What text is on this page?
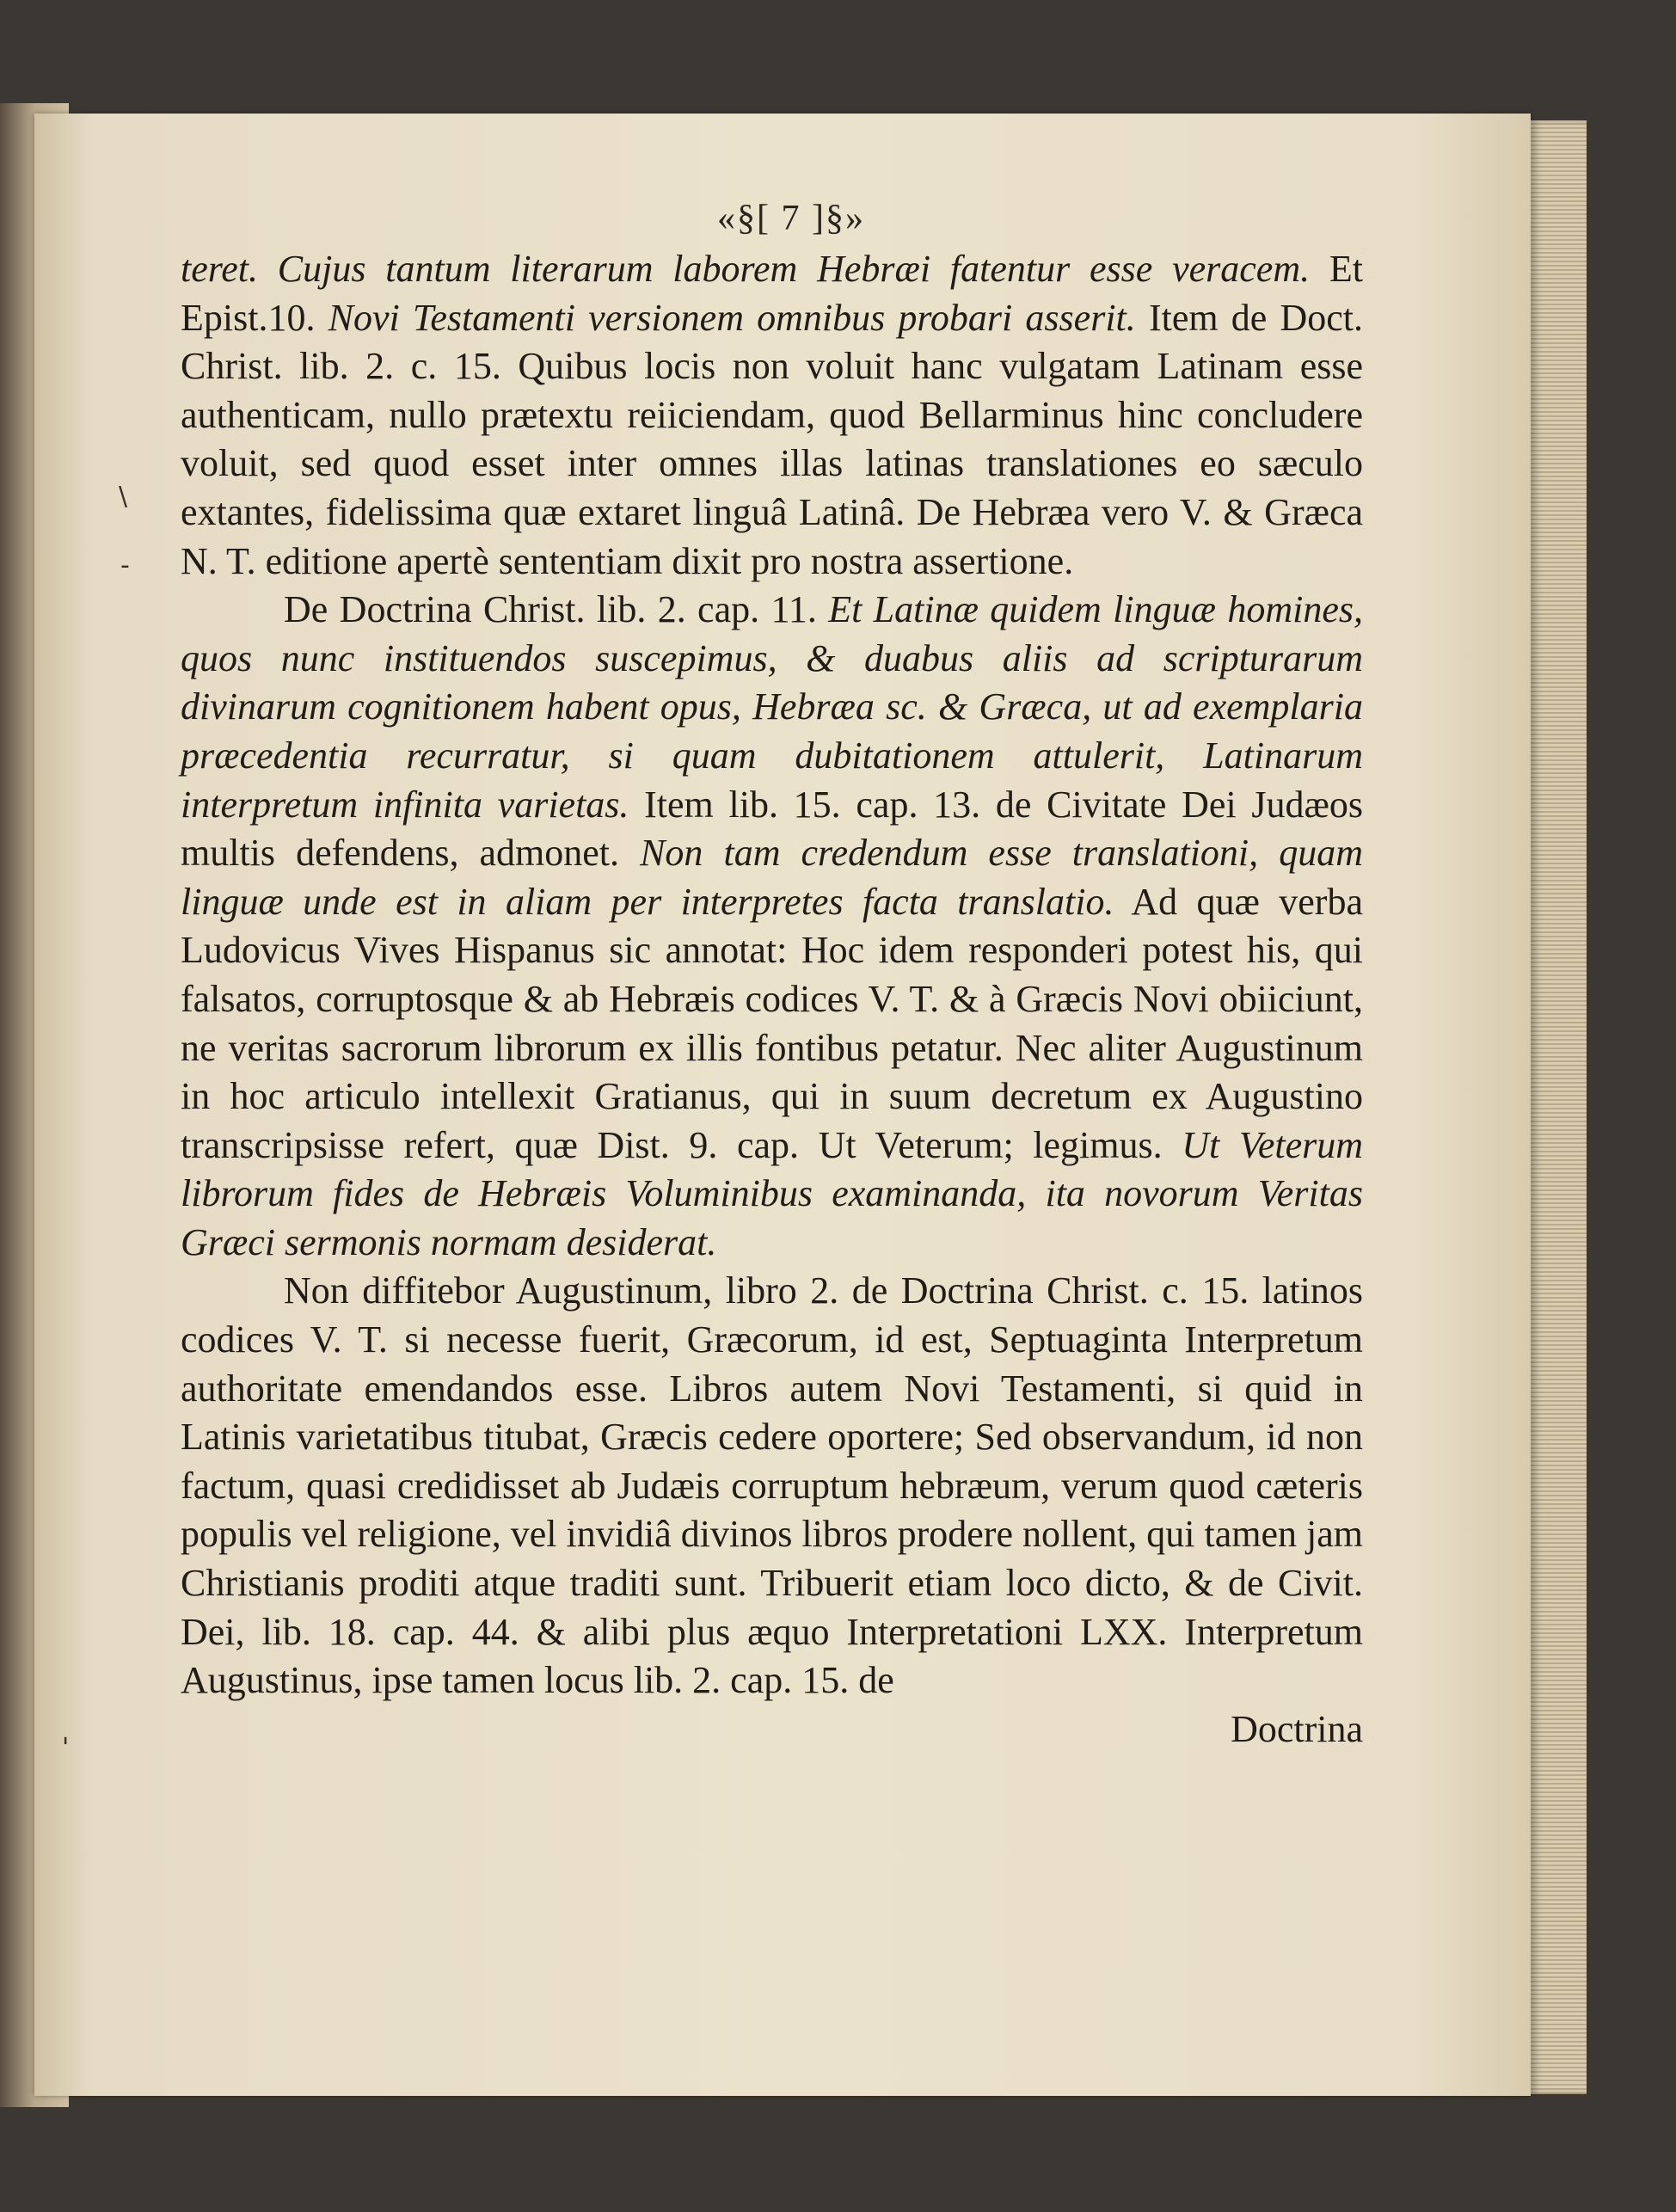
«§[ 7 ]§»
\
-
'

teret. Cujus tantum literarum laborem Hebræi fatentur esse veracem. Et Epist.10. Novi Testamenti versionem omnibus probari asserit. Item de Doct. Christ. lib. 2. c. 15. Quibus locis non voluit hanc vulgatam Latinam esse authenticam, nullo prætextu reiiciendam, quod Bellarminus hinc concludere voluit, sed quod esset inter omnes illas latinas translationes eo sæculo extantes, fidelissima quæ extaret linguâ Latinâ. De Hebræa vero V. & Græca N. T. editione apertè sententiam dixit pro nostra assertione.

De Doctrina Christ. lib. 2. cap. 11. Et Latinæ quidem linguæ homines, quos nunc instituendos suscepimus, & duabus aliis ad scripturarum divinarum cognitionem habent opus, Hebræa sc. & Græca, ut ad exemplaria præcedentia recurratur, si quam dubitationem attulerit, Latinarum interpretum infinita varietas. Item lib. 15. cap. 13. de Civitate Dei Judæos multis defendens, admonet. Non tam credendum esse translationi, quam linguæ unde est in aliam per interpretes facta translatio. Ad quæ verba Ludovicus Vives Hispanus sic annotat: Hoc idem responderi potest his, qui falsatos, corruptosque & ab Hebræis codices V. T. & à Græcis Novi obiiciunt, ne veritas sacrorum librorum ex illis fontibus petatur. Nec aliter Augustinum in hoc articulo intellexit Gratianus, qui in suum decretum ex Augustino transcripsisse refert, quæ Dist. 9. cap. Ut Veterum; legimus. Ut Veterum librorum fides de Hebræis Voluminibus examinanda, ita novorum Veritas Græci sermonis normam desiderat.

Non diffitebor Augustinum, libro 2. de Doctrina Christ. c. 15. latinos codices V. T. si necesse fuerit, Græcorum, id est, Septuaginta Interpretum authoritate emendandos esse. Libros autem Novi Testamenti, si quid in Latinis varietatibus titubat, Græcis cedere oportere; Sed observandum, id non factum, quasi credidisset ab Judæis corruptum hebræum, verum quod cæteris populis vel religione, vel invidiâ divinos libros prodere nollent, qui tamen jam Christianis proditi atque traditi sunt. Tribuerit etiam loco dicto, & de Civit. Dei, lib. 18. cap. 44. & alibi plus æquo Interpretationi LXX. Interpretum Augustinus, ipse tamen locus lib. 2. cap. 15. de

Doctrina
